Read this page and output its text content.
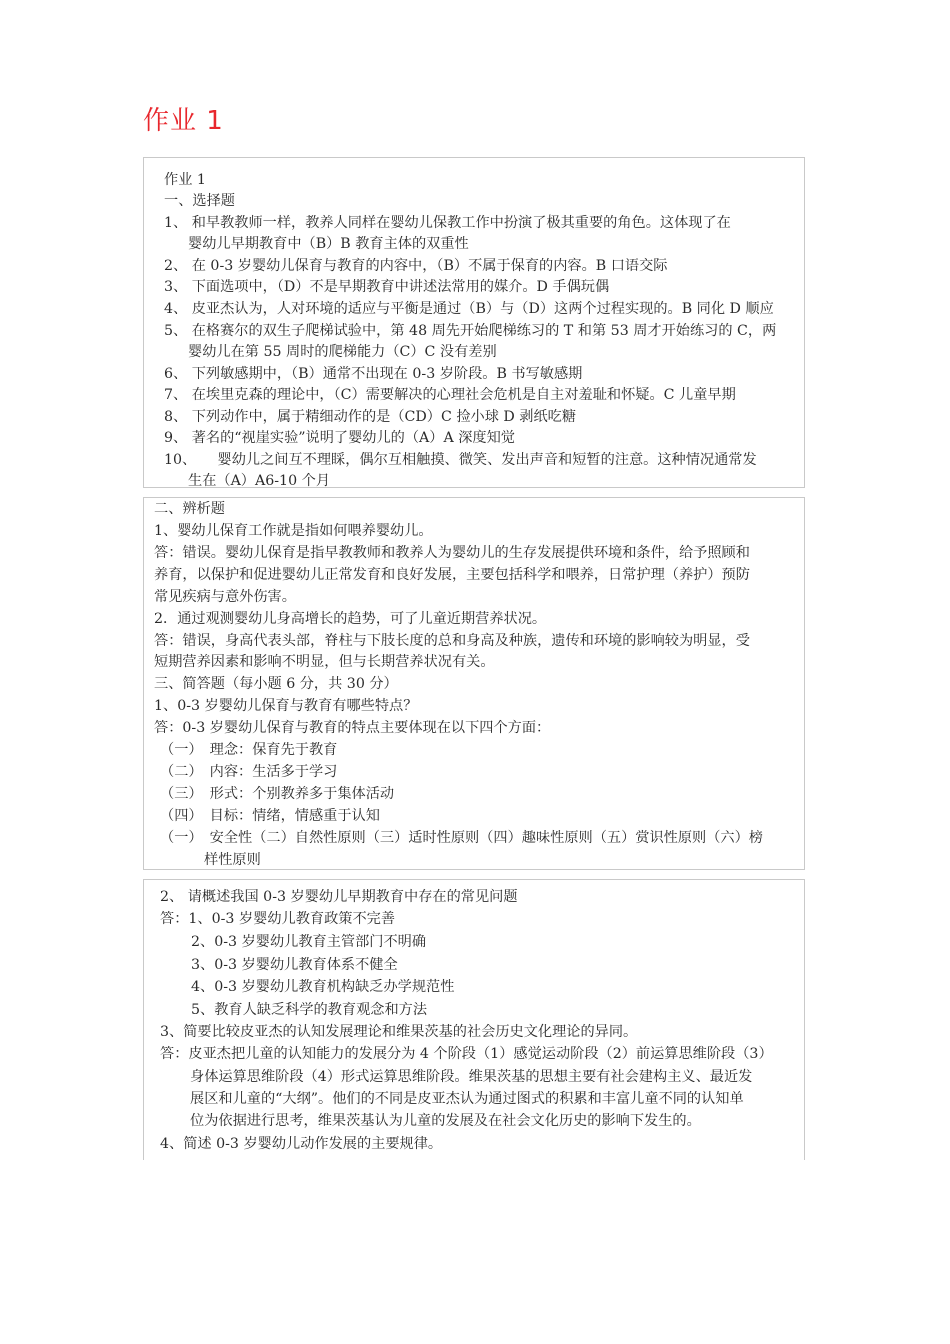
作业 1
作业 1
一、选择题
1、 和早教教师一样，教养人同样在婴幼儿保教工作中扮演了极其重要的角色。这体现了在
婴幼儿早期教育中（B）B 教育主体的双重性
2、 在 0-3 岁婴幼儿保育与教育的内容中，（B）不属于保育的内容。B 口语交际
3、 下面选项中，（D）不是早期教育中讲述法常用的媒介。D 手偶玩偶
4、 皮亚杰认为，人对环境的适应与平衡是通过（B）与（D）这两个过程实现的。B 同化 D 顺应
5、 在格赛尔的双生子爬梯试验中，第 48 周先开始爬梯练习的 T 和第 53 周才开始练习的 C，两
婴幼儿在第 55 周时的爬梯能力（C）C 没有差别
6、 下列敏感期中，（B）通常不出现在 0-3 岁阶段。B 书写敏感期
7、 在埃里克森的理论中，（C）需要解决的心理社会危机是自主对羞耻和怀疑。C 儿童早期
8、 下列动作中，属于精细动作的是（CD）C 捡小球 D 剥纸吃糖
9、 著名的“视崖实验”说明了婴幼儿的（A）A 深度知觉
10、　　婴幼儿之间互不理睬，偶尔互相触摸、微笑、发出声音和短暂的注意。这种情况通常发
生在（A）A6-10 个月
二、辨析题
1、婴幼儿保育工作就是指如何喂养婴幼儿。
答：错误。婴幼儿保育是指早教教师和教养人为婴幼儿的生存发展提供环境和条件，给予照顾和
养育，以保护和促进婴幼儿正常发育和良好发展，主要包括科学和喂养，日常护理（养护）预防
常见疾病与意外伤害。
2．通过观测婴幼儿身高增长的趋势，可了儿童近期营养状况。
答：错误，身高代表头部，脊柱与下肢长度的总和身高及种族，遗传和环境的影响较为明显，受
短期营养因素和影响不明显，但与长期营养状况有关。
三、简答题（每小题 6 分，共 30 分）
1、0-3 岁婴幼儿保育与教育有哪些特点？
答：0-3 岁婴幼儿保育与教育的特点主要体现在以下四个方面：
（一）　理念：保育先于教育
（二）　内容：生活多于学习
（三）　形式：个别教养多于集体活动
（四）　目标：情绪，情感重于认知
（一）　安全性（二）自然性原则（三）适时性原则（四）趣味性原则（五）赏识性原则（六）榜
样性原则
2、 请概述我国 0-3 岁婴幼儿早期教育中存在的常见问题
答：1、0-3 岁婴幼儿教育政策不完善
2、0-3 岁婴幼儿教育主管部门不明确
3、0-3 岁婴幼儿教育体系不健全
4、0-3 岁婴幼儿教育机构缺乏办学规范性
5、教育人缺乏科学的教育观念和方法
3、简要比较皮亚杰的认知发展理论和维果茨基的社会历史文化理论的异同。
答：皮亚杰把儿童的认知能力的发展分为 4 个阶段（1）感觉运动阶段（2）前运算思维阶段（3）
身体运算思维阶段（4）形式运算思维阶段。维果茨基的思想主要有社会建构主义、最近发
展区和儿童的“大纲”。他们的不同是皮亚杰认为通过图式的积累和丰富儿童不同的认知单
位为依据进行思考，维果茨基认为儿童的发展及在社会文化历史的影响下发生的。
4、简述 0-3 岁婴幼儿动作发展的主要规律。
